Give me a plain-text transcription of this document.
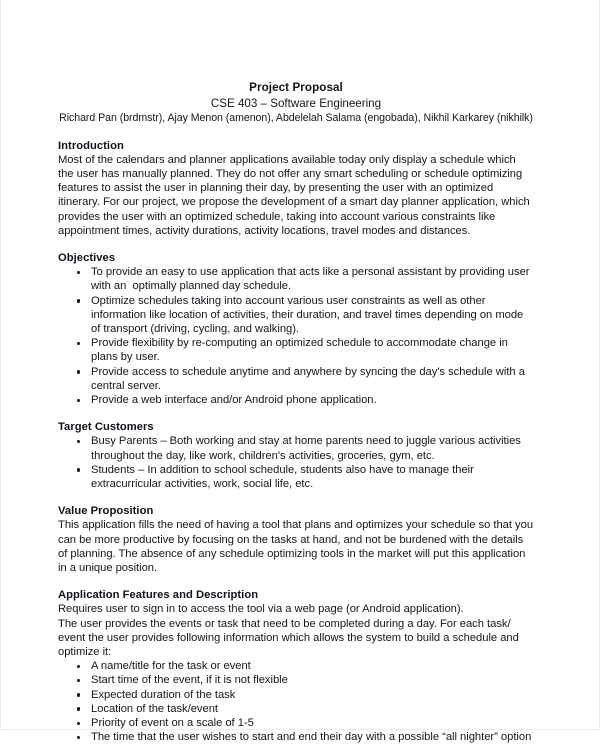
Project Proposal
CSE 403 – Software Engineering
Richard Pan (brdmstr), Ajay Menon (amenon), Abdelelah Salama (engobada), Nikhil Karkarey (nikhilk)
Introduction

Most of the calendars and planner applications available today only display a schedule which the user has manually planned. They do not offer any smart scheduling or schedule optimizing features to assist the user in planning their day, by presenting the user with an optimized itinerary. For our project, we propose the development of a smart day planner application, which provides the user with an optimized schedule, taking into account various constraints like appointment times, activity durations, activity locations, travel modes and distances.

Objectives
To provide an easy to use application that acts like a personal assistant by providing user with an  optimally planned day schedule.
Optimize schedules taking into account various user constraints as well as other information like location of activities, their duration, and travel times depending on mode of transport (driving, cycling, and walking).
Provide flexibility by re-computing an optimized schedule to accommodate change in plans by user.
Provide access to schedule anytime and anywhere by syncing the day's schedule with a central server.
Provide a web interface and/or Android phone application.
Target Customers
Busy Parents – Both working and stay at home parents need to juggle various activities throughout the day, like work, children's activities, groceries, gym, etc.
Students – In addition to school schedule, students also have to manage their extracurricular activities, work, social life, etc.
Value Proposition

This application fills the need of having a tool that plans and optimizes your schedule so that you can be more productive by focusing on the tasks at hand, and not be burdened with the details of planning. The absence of any schedule optimizing tools in the market will put this application in a unique position.

Application Features and Description

Requires user to sign in to access the tool via a web page (or Android application).

The user provides the events or task that need to be completed during a day. For each task/ event the user provides following information which allows the system to build a schedule and optimize it:

A name/title for the task or event
Start time of the event, if it is not flexible
Expected duration of the task
Location of the task/event
Priority of event on a scale of 1-5
The time that the user wishes to start and end their day with a possible “all nighter” option
